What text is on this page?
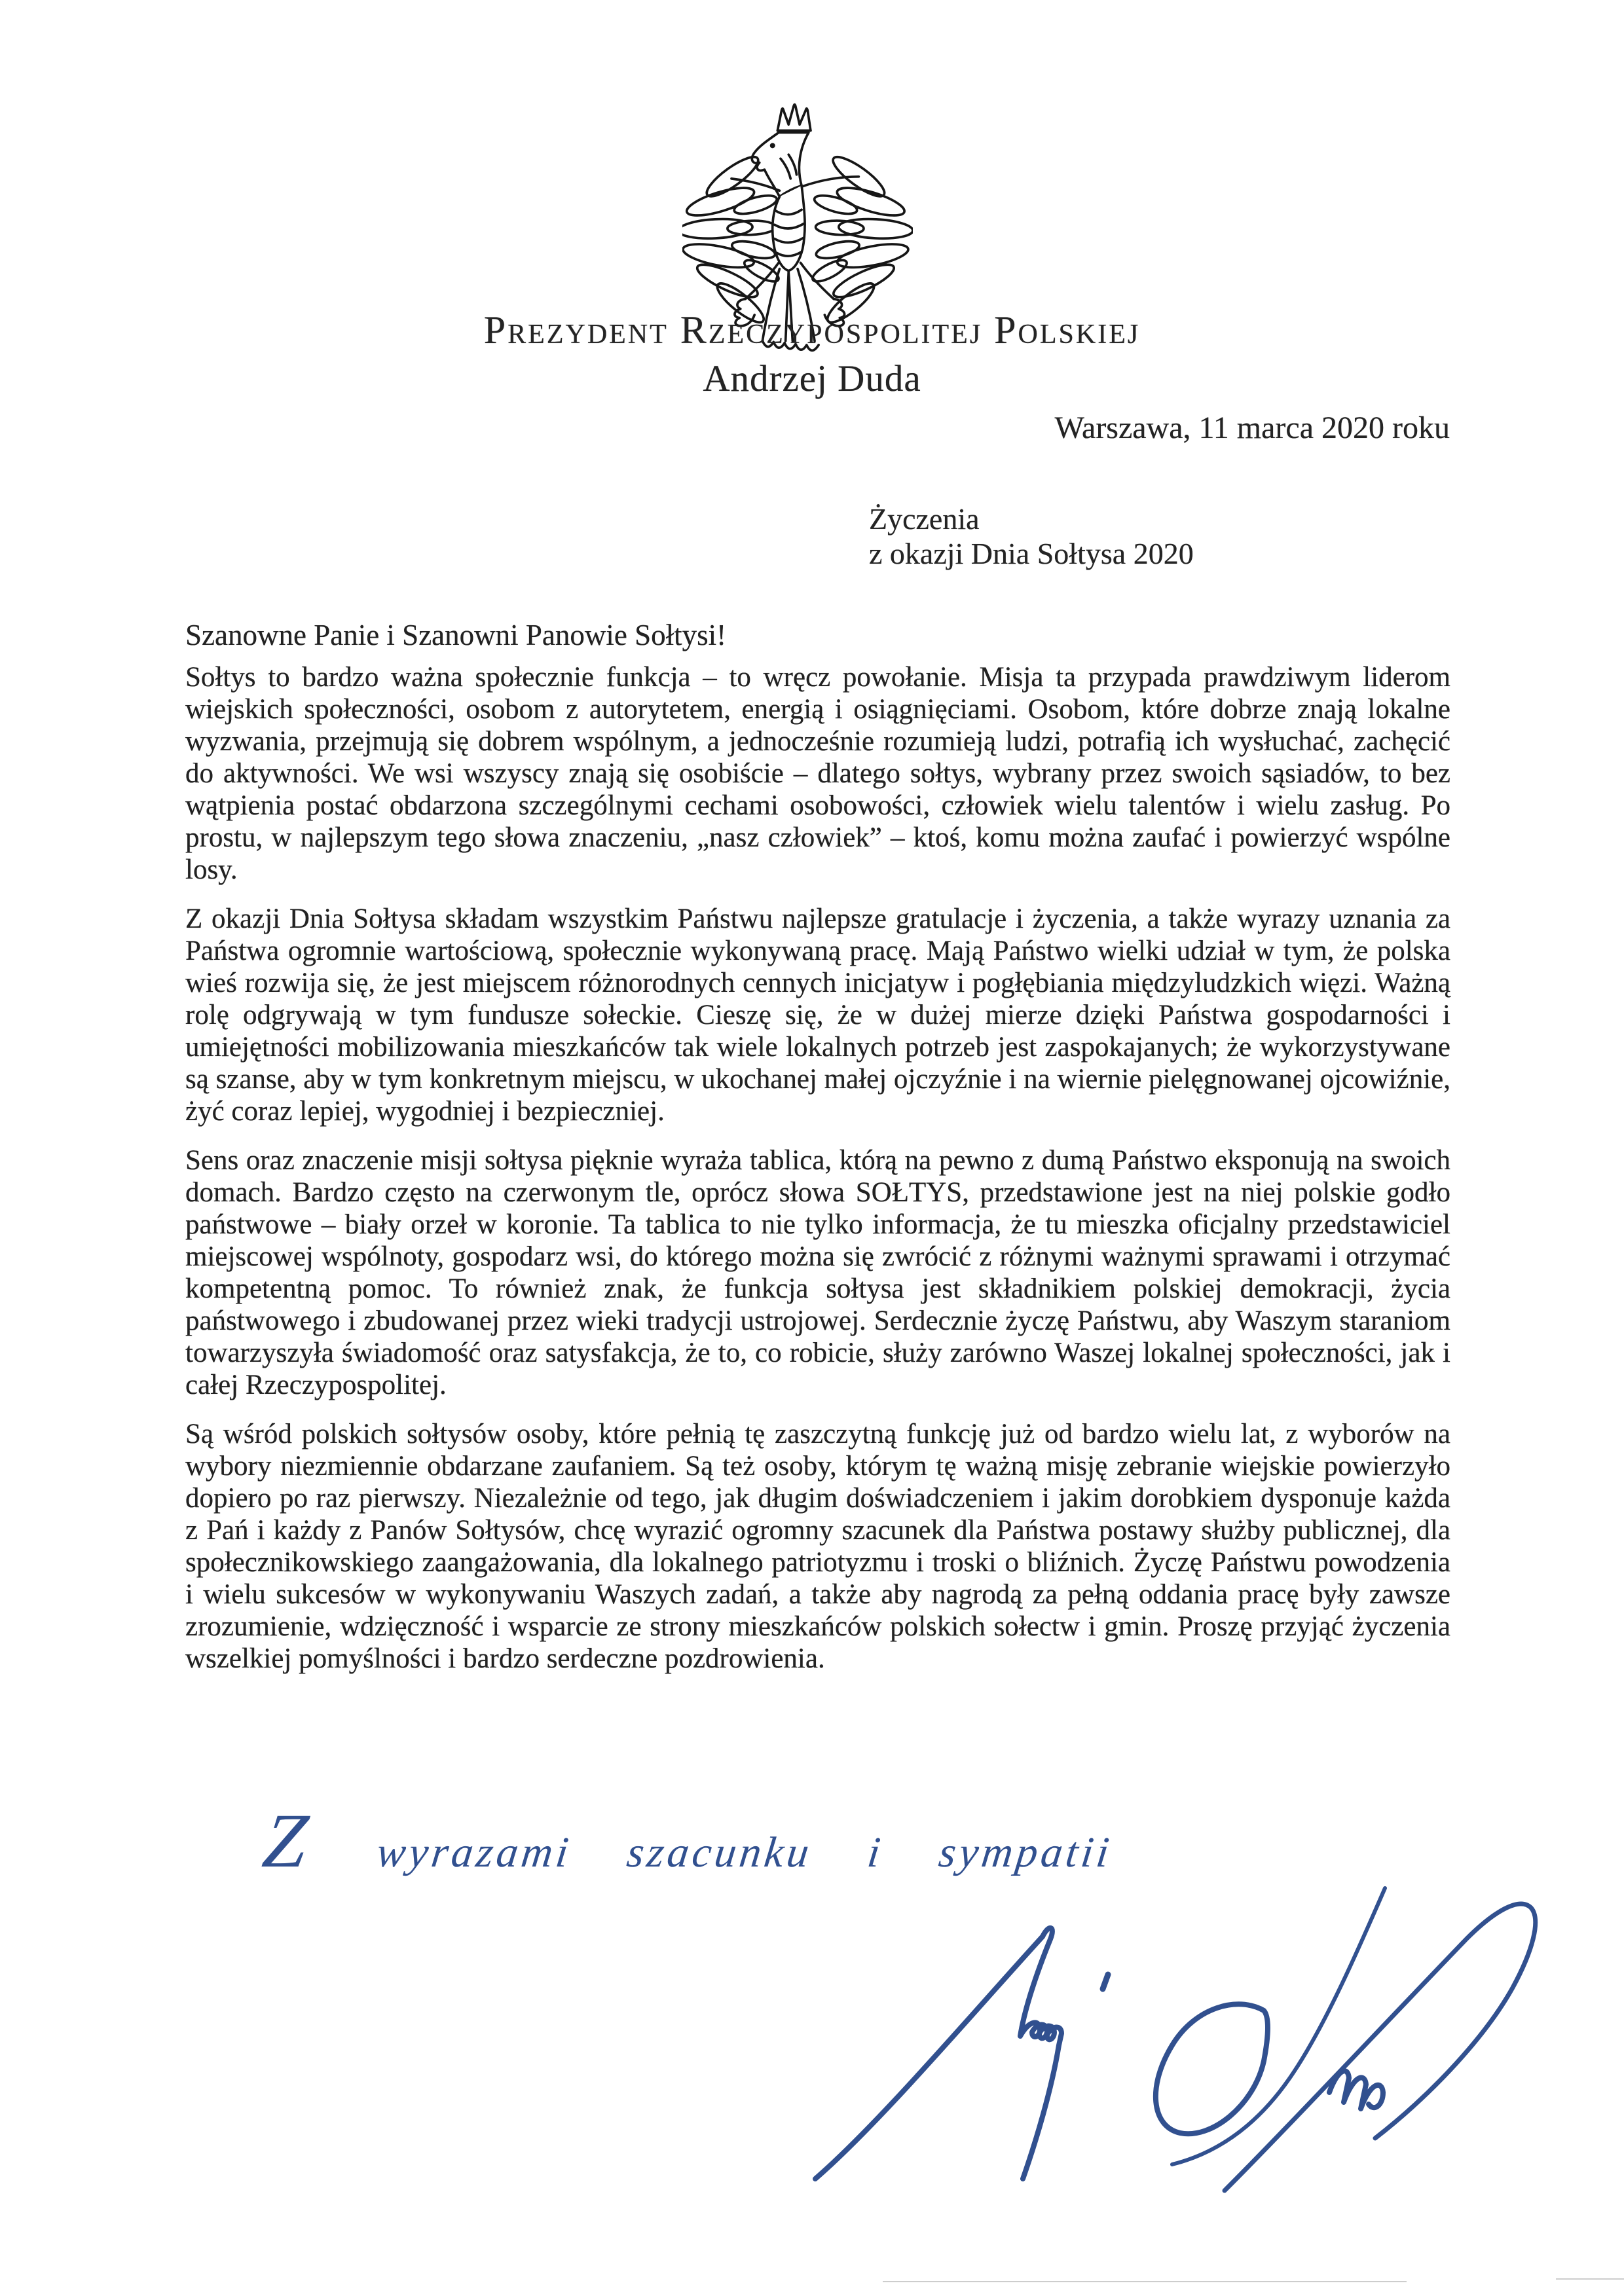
Prezydent Rzeczypospolitej Polskiej
Andrzej Duda
Warszawa, 11 marca 2020 roku
Życzenia
z okazji Dnia Sołtysa 2020
Szanowne Panie i Szanowni Panowie Sołtysi!

Sołtys to bardzo ważna społecznie funkcja – to wręcz powołanie. Misja ta przypada prawdziwym liderom wiejskich społeczności, osobom z autorytetem, energią i osiągnięciami. Osobom, które dobrze znają lokalne wyzwania, przejmują się dobrem wspólnym, a jednocześnie rozumieją ludzi, potrafią ich wysłuchać, zachęcić do aktywności. We wsi wszyscy znają się osobiście – dlatego sołtys, wybrany przez swoich sąsiadów, to bez wątpienia postać obdarzona szczególnymi cechami osobowości, człowiek wielu talentów i wielu zasług. Po prostu, w najlepszym tego słowa znaczeniu, „nasz człowiek” – ktoś, komu można zaufać i powierzyć wspólne losy.

Z okazji Dnia Sołtysa składam wszystkim Państwu najlepsze gratulacje i życzenia, a także wyrazy uznania za Państwa ogromnie wartościową, społecznie wykonywaną pracę. Mają Państwo wielki udział w tym, że polska wieś rozwija się, że jest miejscem różnorodnych cennych inicjatyw i pogłębiania międzyludzkich więzi. Ważną rolę odgrywają w tym fundusze sołeckie. Cieszę się, że w dużej mierze dzięki Państwa gospodarności i umiejętności mobilizowania mieszkańców tak wiele lokalnych potrzeb jest zaspokajanych; że wykorzystywane są szanse, aby w tym konkretnym miejscu, w ukochanej małej ojczyźnie i na wiernie pielęgnowanej ojcowiźnie, żyć coraz lepiej, wygodniej i bezpieczniej.

Sens oraz znaczenie misji sołtysa pięknie wyraża tablica, którą na pewno z dumą Państwo eksponują na swoich domach. Bardzo często na czerwonym tle, oprócz słowa SOŁTYS, przedstawione jest na niej polskie godło państwowe – biały orzeł w koronie. Ta tablica to nie tylko informacja, że tu mieszka oficjalny przedstawiciel miejscowej wspólnoty, gospodarz wsi, do którego można się zwrócić z różnymi ważnymi sprawami i otrzymać kompetentną pomoc. To również znak, że funkcja sołtysa jest składnikiem polskiej demokracji, życia państwowego i zbudowanej przez wieki tradycji ustrojowej. Serdecznie życzę Państwu, aby Waszym staraniom towarzyszyła świadomość oraz satysfakcja, że to, co robicie, służy zarówno Waszej lokalnej społeczności, jak i całej Rzeczypospolitej.

Są wśród polskich sołtysów osoby, które pełnią tę zaszczytną funkcję już od bardzo wielu lat, z wyborów na wybory niezmiennie obdarzane zaufaniem. Są też osoby, którym tę ważną misję zebranie wiejskie powierzyło dopiero po raz pierwszy. Niezależnie od tego, jak długim doświadczeniem i jakim dorobkiem dysponuje każda z Pań i każdy z Panów Sołtysów, chcę wyrazić ogromny szacunek dla Państwa postawy służby publicznej, dla społecznikowskiego zaangażowania, dla lokalnego patriotyzmu i troski o bliźnich. Życzę Państwu powodzenia i wielu sukcesów w wykonywaniu Waszych zadań, a także aby nagrodą za pełną oddania pracę były zawsze zrozumienie, wdzięczność i wsparcie ze strony mieszkańców polskich sołectw i gmin. Proszę przyjąć życzenia wszelkiej pomyślności i bardzo serdeczne pozdrowienia.

Z wyrazami szacunku i sympatii
